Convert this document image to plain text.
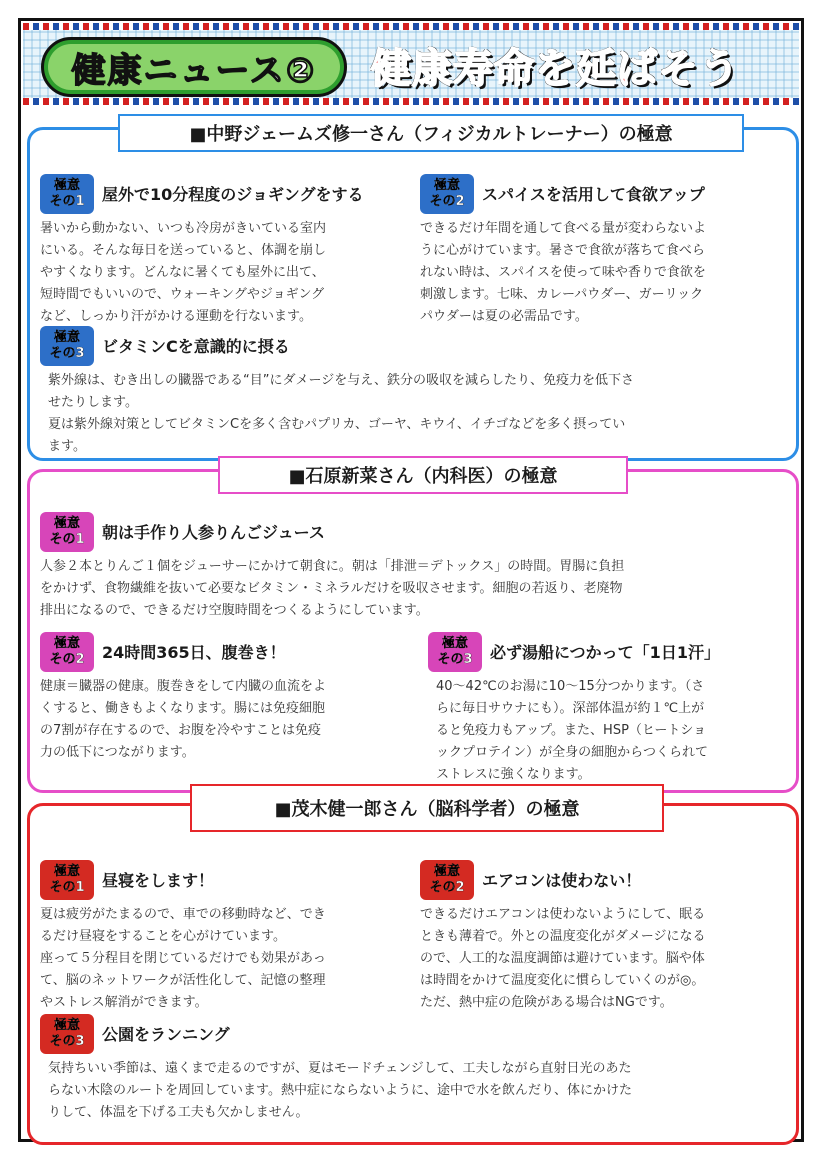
健康ニュース②	健康寿命を延ばそう
■中野ジェームズ修一さん（フィジカルトレーナー）の極意
極意
その1	屋外で10分程度のジョギングをする
暑いから動かない、いつも冷房がきいている室内
にいる。そんな毎日を送っていると、体調を崩し
やすくなります。どんなに暑くても屋外に出て、
短時間でもいいので、ウォーキングやジョギング
など、しっかり汗がかける運動を行ないます。
極意
その2	スパイスを活用して食欲アップ
できるだけ年間を通して食べる量が変わらないよ
うに心がけています。暑さで食欲が落ちて食べら
れない時は、スパイスを使って味や香りで食欲を
刺激します。七味、カレーパウダー、ガーリック
パウダーは夏の必需品です。
極意
その3	ビタミンCを意識的に摂る
紫外線は、むき出しの臓器である“目”にダメージを与え、鉄分の吸収を減らしたり、免疫力を低下さ
せたりします。
夏は紫外線対策としてビタミンCを多く含むパプリカ、ゴーヤ、キウイ、イチゴなどを多く摂ってい
ます。
■石原新菜さん（内科医）の極意
極意
その1	朝は手作り人参りんごジュース
人参２本とりんご１個をジューサーにかけて朝食に。朝は「排泄＝デトックス」の時間。胃腸に負担
をかけず、食物繊維を抜いて必要なビタミン・ミネラルだけを吸収させます。細胞の若返り、老廃物
排出になるので、できるだけ空腹時間をつくるようにしています。
極意
その2	24時間365日、腹巻き！
健康＝臓器の健康。腹巻きをして内臓の血流をよ
くすると、働きもよくなります。腸には免疫細胞
の7割が存在するので、お腹を冷やすことは免疫
力の低下につながります。
極意
その3	必ず湯船につかって「1日1汗」
40〜42℃のお湯に10〜15分つかります。（さ
らに毎日サウナにも）。深部体温が約１℃上が
ると免疫力もアップ。また、HSP（ヒートショ
ックプロテイン）が全身の細胞からつくられて
ストレスに強くなります。
■茂木健一郎さん（脳科学者）の極意
極意
その1	昼寝をします！
夏は疲労がたまるので、車での移動時など、でき
るだけ昼寝をすることを心がけています。
座って５分程目を閉じているだけでも効果があっ
て、脳のネットワークが活性化して、記憶の整理
やストレス解消ができます。
極意
その2	エアコンは使わない！
できるだけエアコンは使わないようにして、眠る
ときも薄着で。外との温度変化がダメージになる
ので、人工的な温度調節は避けています。脳や体
は時間をかけて温度変化に慣らしていくのが◎。
ただ、熱中症の危険がある場合はNGです。
極意
その3	公園をランニング
気持ちいい季節は、遠くまで走るのですが、夏はモードチェンジして、工夫しながら直射日光のあた
らない木陰のルートを周回しています。熱中症にならないように、途中で水を飲んだり、体にかけた
りして、体温を下げる工夫も欠かしません。
